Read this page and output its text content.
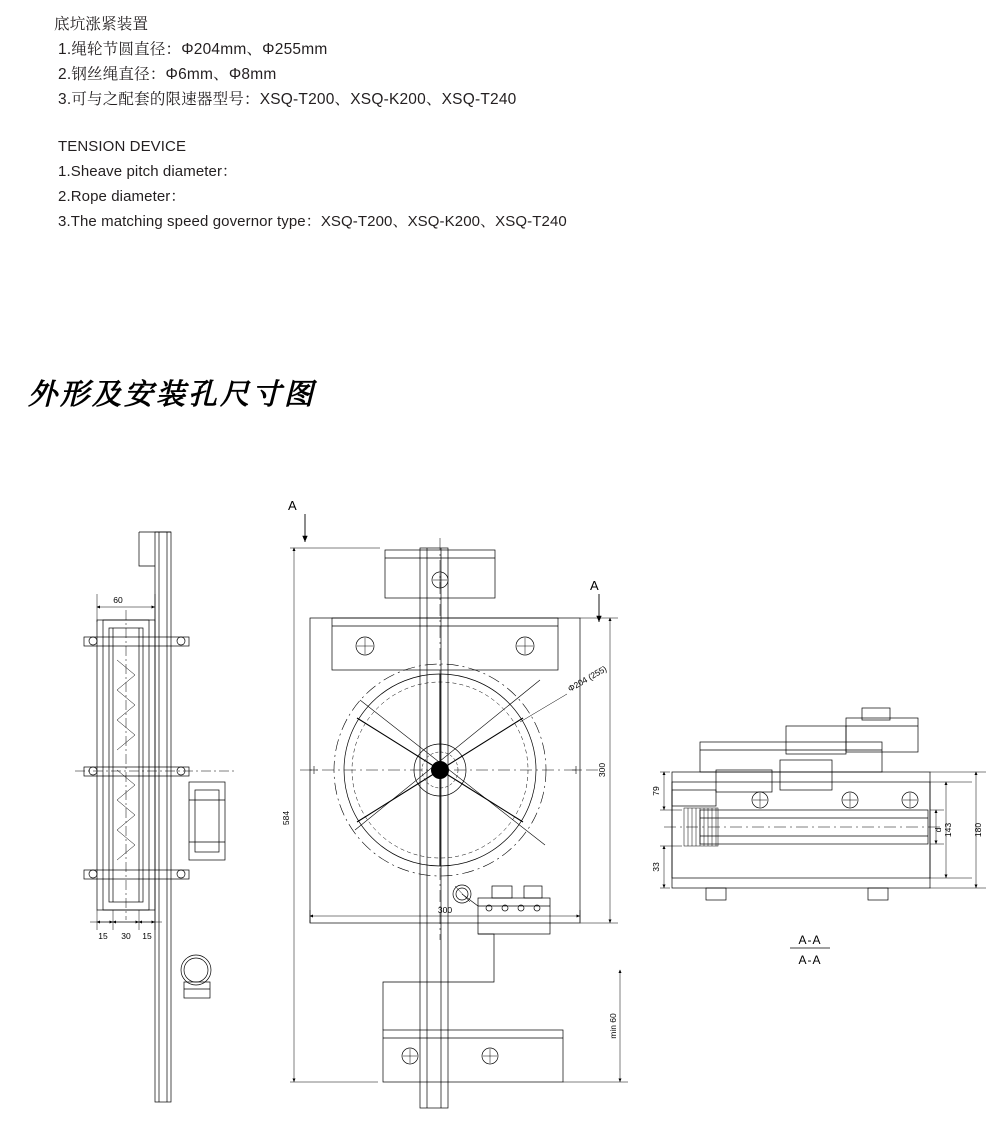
底坑涨紧装置
1.绳轮节圆直径：Φ204mm、Φ255mm
2.钢丝绳直径：Φ6mm、Φ8mm
3.可与之配套的限速器型号：XSQ-T200、XSQ-K200、XSQ-T240
TENSION DEVICE
1.Sheave pitch diameter：
2.Rope diameter：
3.The matching speed governor type：XSQ-T200、XSQ-K200、XSQ-T240
外形及安装孔尺寸图
A
A
60
15 30 15
584
300
300
min 60
Φ204 (255)
79
33
d 143 180
A-A
A-A
